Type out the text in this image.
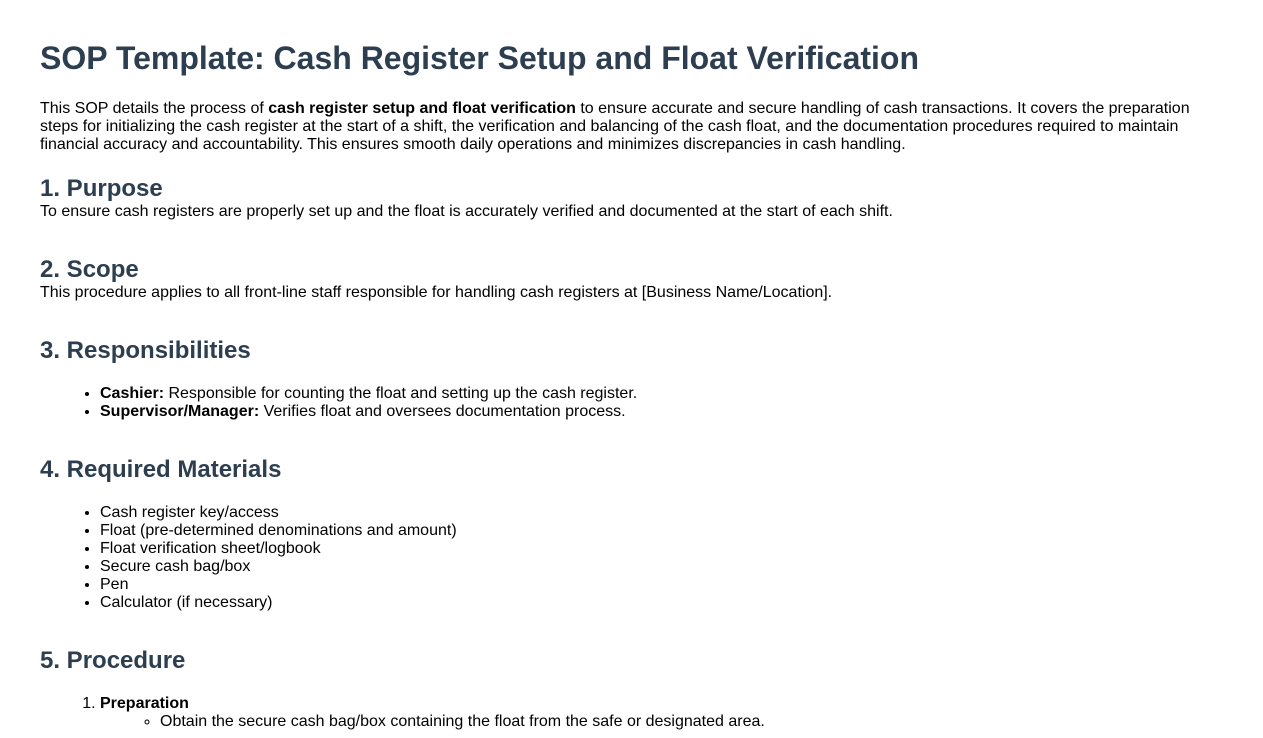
SOP Template: Cash Register Setup and Float Verification

This SOP details the process of cash register setup and float verification to ensure accurate and secure handling of cash transactions. It covers the preparation steps for initializing the cash register at the start of a shift, the verification and balancing of the cash float, and the documentation procedures required to maintain financial accuracy and accountability. This ensures smooth daily operations and minimizes discrepancies in cash handling.

1. Purpose

To ensure cash registers are properly set up and the float is accurately verified and documented at the start of each shift.

2. Scope

This procedure applies to all front-line staff responsible for handling cash registers at [Business Name/Location].

3. Responsibilities
• Cashier: Responsible for counting the float and setting up the cash register.
• Supervisor/Manager: Verifies float and oversees documentation process.
4. Required Materials
• Cash register key/access
• Float (pre-determined denominations and amount)
• Float verification sheet/logbook
• Secure cash bag/box
• Pen
• Calculator (if necessary)
5. Procedure
1. Preparation
◦ Obtain the secure cash bag/box containing the float from the safe or designated area.
